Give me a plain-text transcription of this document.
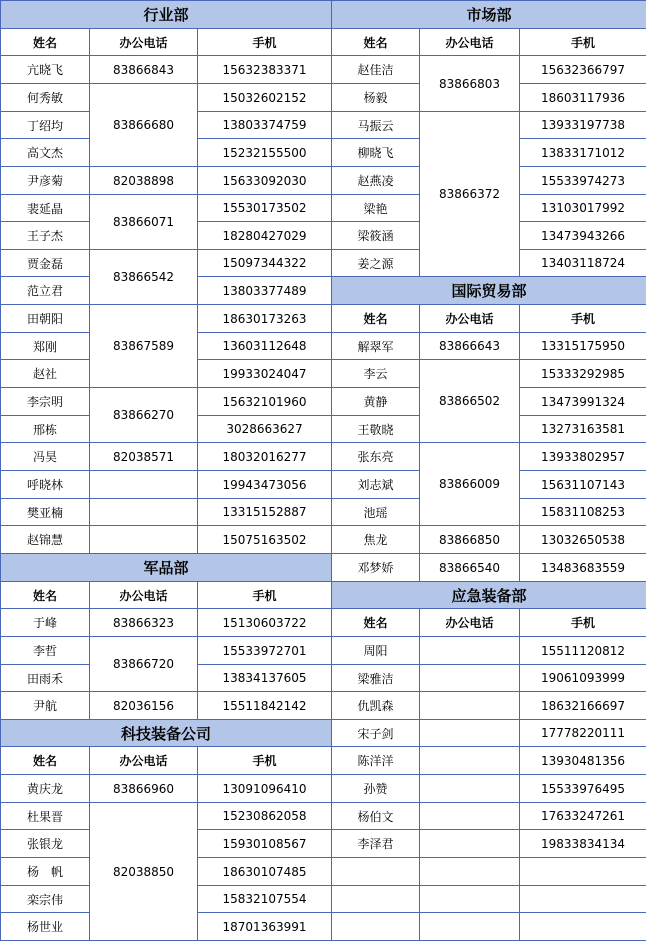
行业部		
姓名	办公电话	手机
亢晓飞	83866843	15632383371
何秀敏	83866680	15032602152
丁绍均		13803374759
高文杰		15232155500
尹彦菊	82038898	15633092030
裴延晶	83866071	15530173502
王子杰		18280427029
贾金磊	83866542	15097344322
范立君		13803377489
田朝阳	83867589	18630173263
郑刚		13603112648
赵社		19933024047
李宗明	83866270	15632101960
邢栋		3028663627
冯昊	82038571	18032016277
呼晓林		19943473056
樊亚楠		13315152887
赵锦慧		15075163502
军品部		
姓名	办公电话	手机
于峰	83866323	15130603722
李哲	83866720	15533972701
田雨禾		13834137605
尹航	82036156	15511842142
科技装备公司		
姓名	办公电话	手机
黄庆龙	83866960	13091096410
杜果晋	82038850	15230862058
张银龙		15930108567
杨　帆		18630107485
栾宗伟		15832107554
杨世业		18701363991
市场部		
姓名	办公电话	手机
赵佳洁	83866803	15632366797
杨毅		18603117936
马振云	83866372	13933197738
柳晓飞		13833171012
赵燕凌		15533974273
梁艳		13103017992
梁筱涵		13473943266
姜之源		13403118724
国际贸易部		
姓名	办公电话	手机
解翠军	83866643	13315175950
李云	83866502	15333292985
黄静		13473991324
王敬晓		13273163581
张东亮	83866009	13933802957
刘志斌		15631107143
池瑶		15831108253
焦龙	83866850	13032650538
邓梦娇	83866540	13483683559
应急装备部		
姓名	办公电话	手机
周阳		15511120812
梁雅洁		19061093999
仇凯森		18632166697
宋子剑		17778220111
陈洋洋		13930481356
孙赞		15533976495
杨伯文		17633247261
李泽君		19833834134
